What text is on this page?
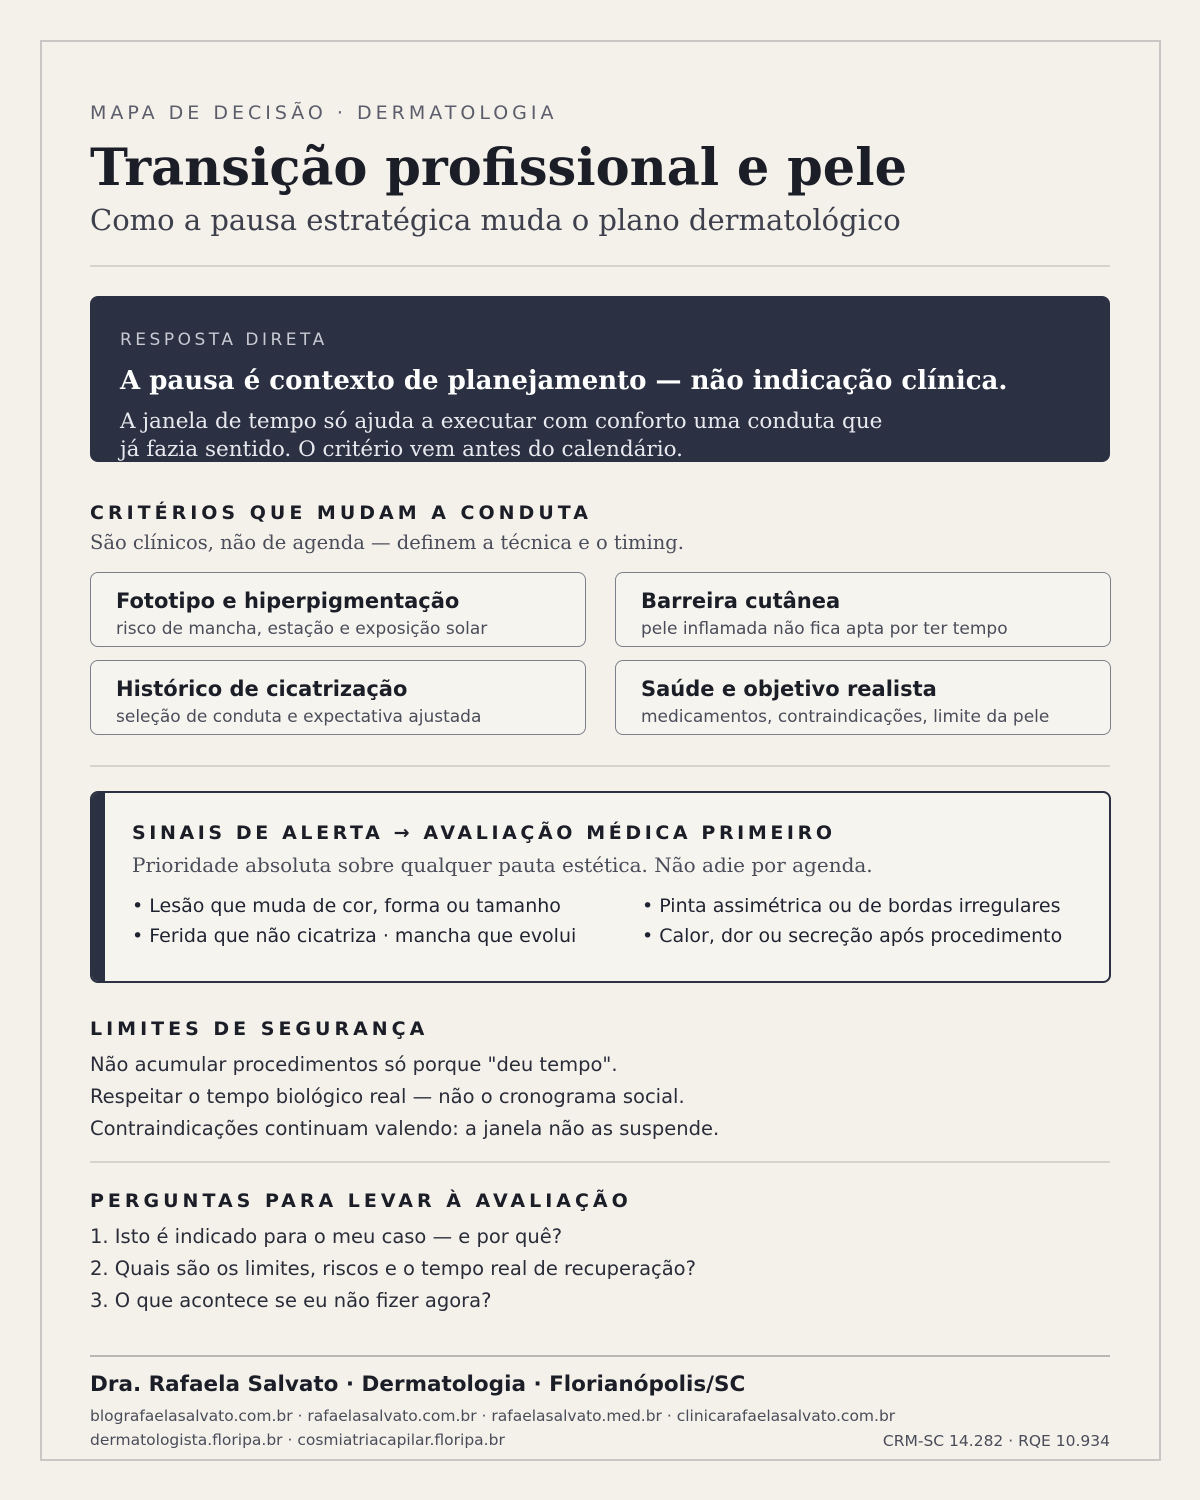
MAPA DE DECISÃO · DERMATOLOGIA
Transição profissional e pele
Como a pausa estratégica muda o plano dermatológico
RESPOSTA DIRETA
A pausa é contexto de planejamento — não indicação clínica.
A janela de tempo só ajuda a executar com conforto uma conduta que
já fazia sentido. O critério vem antes do calendário.
CRITÉRIOS QUE MUDAM A CONDUTA
São clínicos, não de agenda — definem a técnica e o timing.
Fototipo e hiperpigmentação
risco de mancha, estação e exposição solar
Barreira cutânea
pele inflamada não fica apta por ter tempo
Histórico de cicatrização
seleção de conduta e expectativa ajustada
Saúde e objetivo realista
medicamentos, contraindicações, limite da pele
SINAIS DE ALERTA → AVALIAÇÃO MÉDICA PRIMEIRO
Prioridade absoluta sobre qualquer pauta estética. Não adie por agenda.
• Lesão que muda de cor, forma ou tamanho	• Pinta assimétrica ou de bordas irregulares
• Ferida que não cicatriza · mancha que evolui	• Calor, dor ou secreção após procedimento
LIMITES DE SEGURANÇA
Não acumular procedimentos só porque "deu tempo".
Respeitar o tempo biológico real — não o cronograma social.
Contraindicações continuam valendo: a janela não as suspende.
PERGUNTAS PARA LEVAR À AVALIAÇÃO
1. Isto é indicado para o meu caso — e por quê?
2. Quais são os limites, riscos e o tempo real de recuperação?
3. O que acontece se eu não fizer agora?
Dra. Rafaela Salvato · Dermatologia · Florianópolis/SC
blografaelasalvato.com.br · rafaelasalvato.com.br · rafaelasalvato.med.br · clinicarafaelasalvato.com.br
dermatologista.floripa.br · cosmiatriacapilar.floripa.br	CRM-SC 14.282 · RQE 10.934
